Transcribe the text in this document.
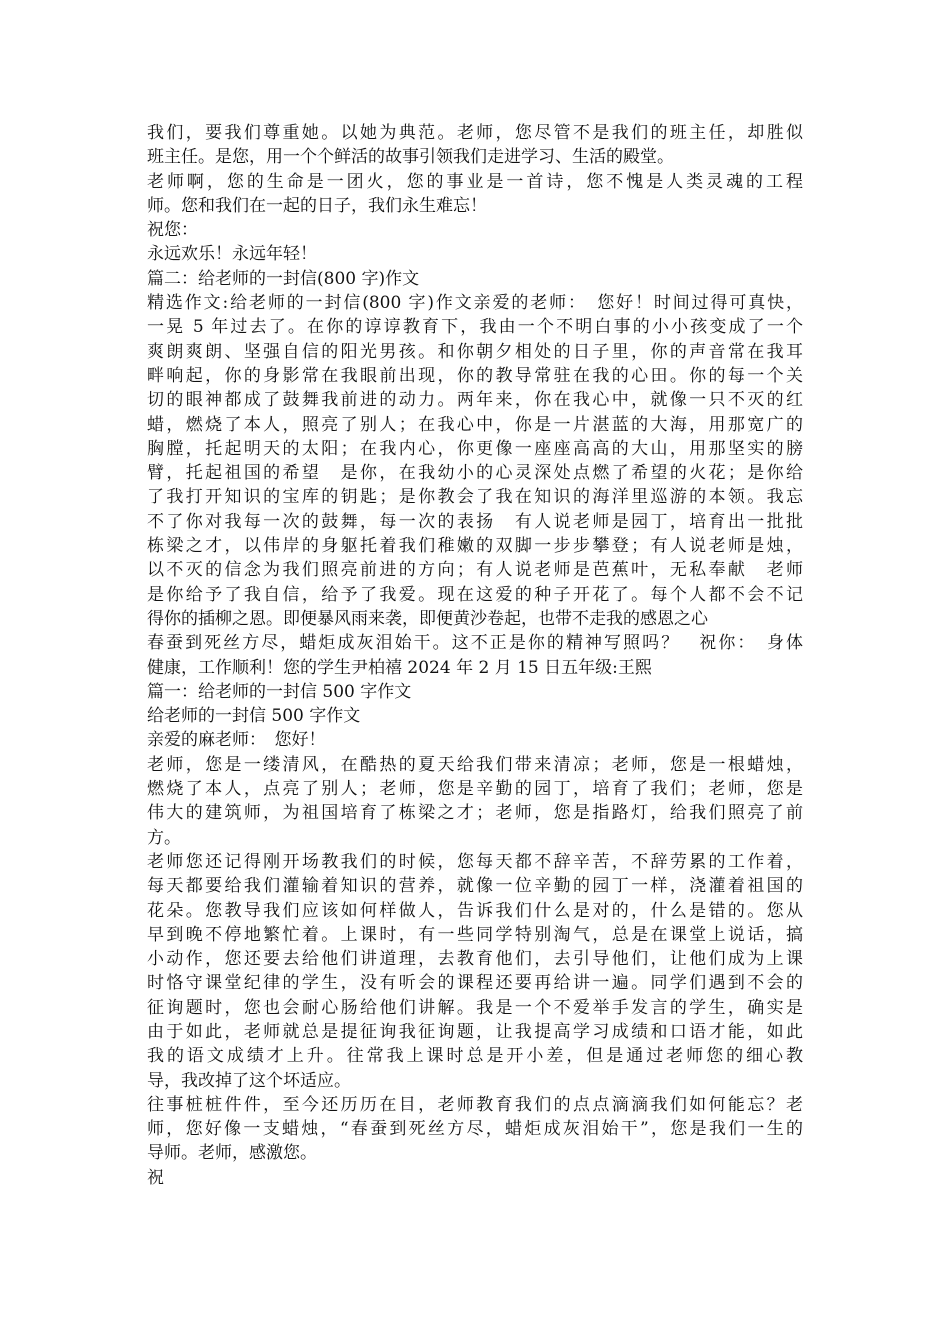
我们，要我们尊重她。以她为典范。老师，您尽管不是我们的班主任，却胜似
班主任。是您，用一个个鲜活的故事引领我们走进学习、生活的殿堂。
老师啊，您的生命是一团火，您的事业是一首诗，您不愧是人类灵魂的工程
师。您和我们在一起的日子，我们永生难忘！
祝您：
永远欢乐！永远年轻！
篇二：给老师的一封信(800 字)作文
精选作文:给老师的一封信(800 字)作文亲爱的老师：　您好！时间过得可真快，
一晃 5 年过去了。在你的谆谆教育下，我由一个不明白事的小小孩变成了一个
爽朗爽朗、坚强自信的阳光男孩。和你朝夕相处的日子里，你的声音常在我耳
畔响起，你的身影常在我眼前出现，你的教导常驻在我的心田。你的每一个关
切的眼神都成了鼓舞我前进的动力。两年来，你在我心中，就像一只不灭的红
蜡，燃烧了本人，照亮了别人；在我心中，你是一片湛蓝的大海，用那宽广的
胸膛，托起明天的太阳；在我内心，你更像一座座高高的大山，用那坚实的膀
臂，托起祖国的希望　是你，在我幼小的心灵深处点燃了希望的火花；是你给
了我打开知识的宝库的钥匙；是你教会了我在知识的海洋里巡游的本领。我忘
不了你对我每一次的鼓舞，每一次的表扬　有人说老师是园丁，培育出一批批
栋梁之才，以伟岸的身躯托着我们稚嫩的双脚一步步攀登；有人说老师是烛，
以不灭的信念为我们照亮前进的方向；有人说老师是芭蕉叶，无私奉献　老师
是你给予了我自信，给予了我爱。现在这爱的种子开花了。每个人都不会不记
得你的插柳之恩。即便暴风雨来袭，即便黄沙卷起，也带不走我的感恩之心
春蚕到死丝方尽，蜡炬成灰泪始干。这不正是你的精神写照吗？　祝你：　身体
健康，工作顺利！您的学生尹柏禧 2024 年 2 月 15 日五年级:王熙
篇一：给老师的一封信 500 字作文
给老师的一封信 500 字作文
亲爱的麻老师：　您好！
老师，您是一缕清风，在酷热的夏天给我们带来清凉；老师，您是一根蜡烛，
燃烧了本人，点亮了别人；老师，您是辛勤的园丁，培育了我们；老师，您是
伟大的建筑师，为祖国培育了栋梁之才；老师，您是指路灯，给我们照亮了前
方。
老师您还记得刚开场教我们的时候，您每天都不辞辛苦，不辞劳累的工作着，
每天都要给我们灌输着知识的营养，就像一位辛勤的园丁一样，浇灌着祖国的
花朵。您教导我们应该如何样做人，告诉我们什么是对的，什么是错的。您从
早到晚不停地繁忙着。上课时，有一些同学特别淘气，总是在课堂上说话，搞
小动作，您还要去给他们讲道理，去教育他们，去引导他们，让他们成为上课
时恪守课堂纪律的学生，没有听会的课程还要再给讲一遍。同学们遇到不会的
征询题时，您也会耐心肠给他们讲解。我是一个不爱举手发言的学生，确实是
由于如此，老师就总是提征询我征询题，让我提高学习成绩和口语才能，如此
我的语文成绩才上升。往常我上课时总是开小差，但是通过老师您的细心教
导，我改掉了这个坏适应。
往事桩桩件件，至今还历历在目，老师教育我们的点点滴滴我们如何能忘？老
师，您好像一支蜡烛，“春蚕到死丝方尽，蜡炬成灰泪始干”，您是我们一生的
导师。老师，感激您。
祝
